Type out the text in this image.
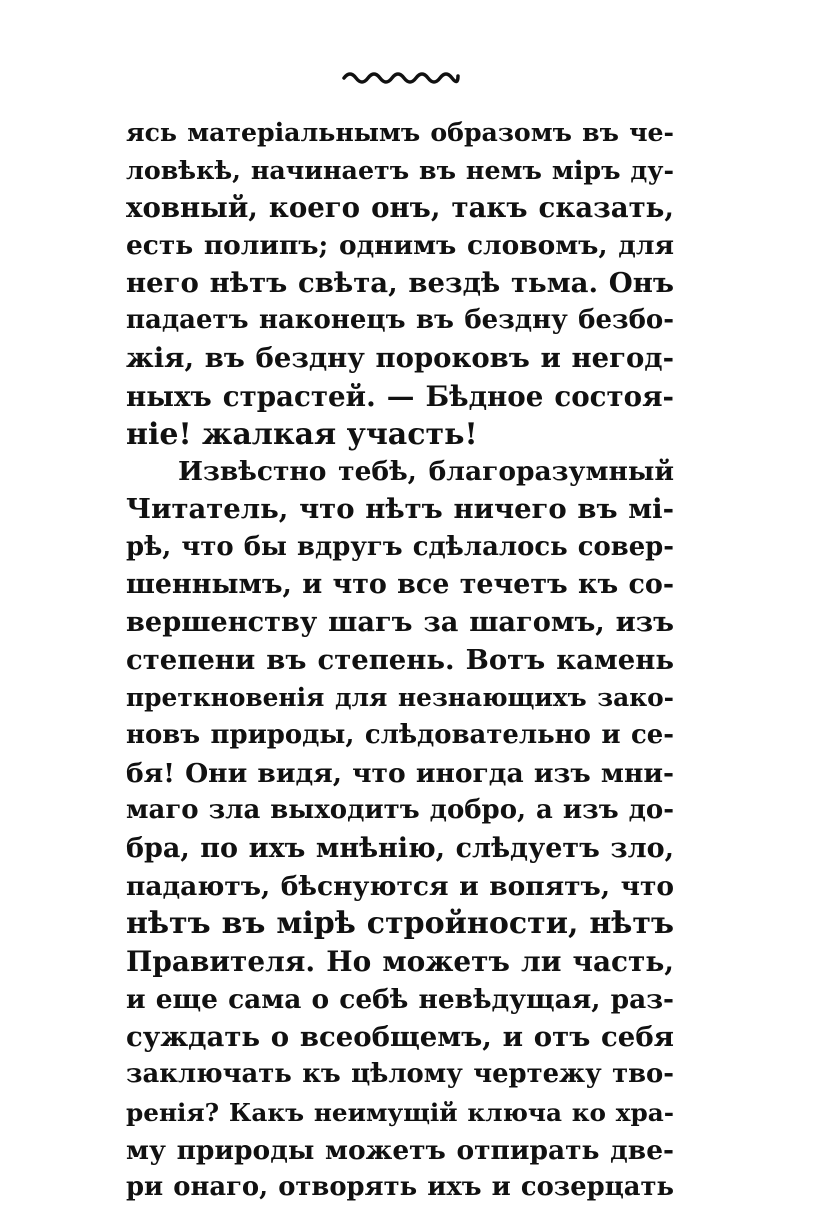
ясь матеріальнымъ образомъ въ че-
ловѣкѣ, начинаетъ въ немъ міръ ду-
ховный, коего онъ, такъ сказать,
есть полипъ; однимъ словомъ, для
него нѣтъ свѣта, вездѣ тьма. Онъ
падаетъ наконецъ въ бездну безбо-
жія, въ бездну пороковъ и негод-
ныхъ страстей. — Бѣдное состоя-
ніе! жалкая участь!
Извѣстно тебѣ, благоразумный
Читатель, что нѣтъ ничего въ мі-
рѣ, что бы вдругъ сдѣлалось совер-
шеннымъ, и что все течетъ къ со-
вершенству шагъ за шагомъ, изъ
степени въ степень. Вотъ камень
преткновенія для незнающихъ зако-
новъ природы, слѣдовательно и се-
бя! Они видя, что иногда изъ мни-
маго зла выходитъ добро, а изъ до-
бра, по ихъ мнѣнію, слѣдуетъ зло,
падаютъ, бѣснуются и вопятъ, что
нѣтъ въ мірѣ стройности, нѣтъ
Правителя. Но можетъ ли часть,
и еще сама о себѣ невѣдущая, раз-
суждать о всеобщемъ, и отъ себя
заключать къ цѣлому чертежу тво-
ренія? Какъ неимущій ключа ко хра-
му природы можетъ отпирать две-
ри онаго, отворять ихъ и созерцать
